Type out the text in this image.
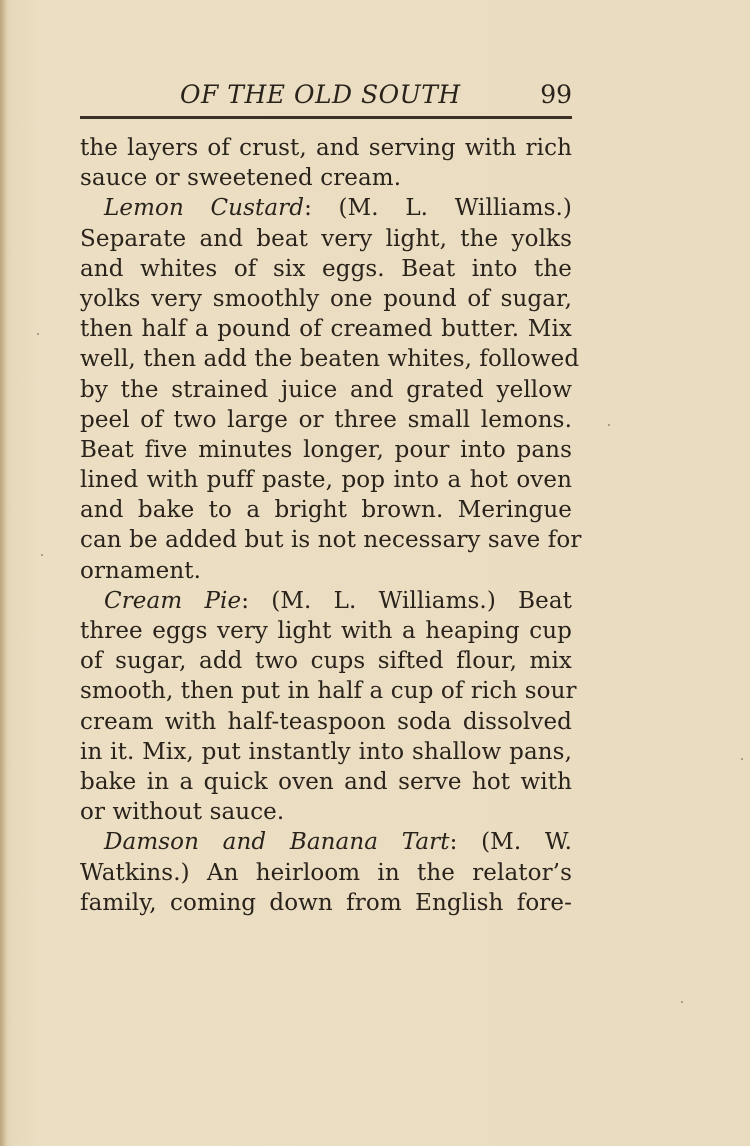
OF THE OLD SOUTH	99
the layers of crust, and serving with rich
sauce or sweetened cream.
Lemon Custard: (M. L. Williams.)
Separate and beat very light, the yolks
and whites of six eggs. Beat into the
yolks very smoothly one pound of sugar,
then half a pound of creamed butter. Mix
well, then add the beaten whites, followed
by the strained juice and grated yellow
peel of two large or three small lemons.
Beat five minutes longer, pour into pans
lined with puff paste, pop into a hot oven
and bake to a bright brown. Meringue
can be added but is not necessary save for
ornament.
Cream Pie: (M. L. Williams.) Beat
three eggs very light with a heaping cup
of sugar, add two cups sifted flour, mix
smooth, then put in half a cup of rich sour
cream with half-teaspoon soda dissolved
in it. Mix, put instantly into shallow pans,
bake in a quick oven and serve hot with
or without sauce.
Damson and Banana Tart: (M. W.
Watkins.) An heirloom in the relator’s
family, coming down from English fore-
